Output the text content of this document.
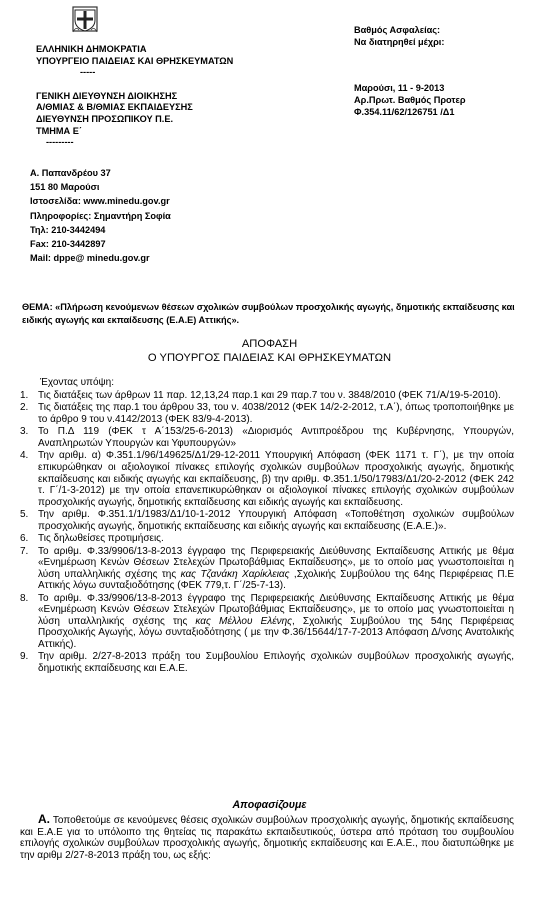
ΕΛΛΗΝΙΚΗ ΔΗΜΟΚΡΑΤΙΑ
ΥΠΟΥΡΓΕΙΟ ΠΑΙΔΕΙΑΣ ΚΑΙ ΘΡΗΣΚΕΥΜΑΤΩΝ
-----
ΓΕΝΙΚΗ ΔΙΕΥΘΥΝΣΗ ΔΙΟΙΚΗΣΗΣ
Α/ΘΜΙΑΣ & Β/ΘΜΙΑΣ ΕΚΠΑΙΔΕΥΣΗΣ
ΔΙΕΥΘΥΝΣΗ ΠΡΟΣΩΠΙΚΟΥ Π.Ε.
ΤΜΗΜΑ Ε΄
---------
Βαθμός Ασφαλείας:
Να διατηρηθεί μέχρι:
Μαρούσι, 11 - 9-2013
Αρ.Πρωτ. Βαθμός Προτερ
Φ.354.11/62/126751 /Δ1
Α. Παπανδρέου 37
151 80 Μαρούσι
Ιστοσελίδα: www.minedu.gov.gr
Πληροφορίες: Σημαντήρη Σοφία
Τηλ: 210-3442494
Fax: 210-3442897
Mail: dppe@ minedu.gov.gr
ΘΕΜΑ: «Πλήρωση κενούμενων θέσεων σχολικών συμβούλων προσχολικής αγωγής, δημοτικής εκπαίδευσης και ειδικής αγωγής και εκπαίδευσης (Ε.Α.Ε) Αττικής».
ΑΠΟΦΑΣΗ
Ο ΥΠΟΥΡΓΟΣ ΠΑΙΔΕΙΑΣ ΚΑΙ ΘΡΗΣΚΕΥΜΑΤΩΝ
Έχοντας υπόψη:
1. Τις διατάξεις των άρθρων 11 παρ. 12,13,24 παρ.1 και 29 παρ.7 του ν. 3848/2010 (ΦΕΚ 71/Α/19-5-2010).
2. Τις διατάξεις της παρ.1 του άρθρου 33, του ν. 4038/2012 (ΦΕΚ 14/2-2-2012, τ.Α΄), όπως τροποποιήθηκε με το άρθρο 9 του ν.4142/2013 (ΦΕΚ 83/9-4-2013).
3. Το Π.Δ 119 (ΦΕΚ τ Α΄153/25-6-2013) «Διορισμός Αντιπροέδρου της Κυβέρνησης, Υπουργών, Αναπληρωτών Υπουργών και Υφυπουργών»
4. Την αριθμ. α) Φ.351.1/96/149625/Δ1/29-12-2011 Υπουργική Απόφαση (ΦΕΚ 1171 τ. Γ΄), με την οποία επικυρώθηκαν οι αξιολογικοί πίνακες επιλογής σχολικών συμβούλων προσχολικής αγωγής, δημοτικής εκπαίδευσης και ειδικής αγωγής και εκπαίδευσης, β) την αριθμ. Φ.351.1/50/17983/Δ1/20-2-2012 (ΦΕΚ 242 τ. Γ΄/1-3-2012) με την οποία επανεπικυρώθηκαν οι αξιολογικοί πίνακες επιλογής σχολικών συμβούλων προσχολικής αγωγής, δημοτικής εκπαίδευσης και ειδικής αγωγής και εκπαίδευσης.
5. Την αριθμ. Φ.351.1/1/1983/Δ1/10-1-2012 Υπουργική Απόφαση «Τοποθέτηση σχολικών συμβούλων προσχολικής αγωγής, δημοτικής εκπαίδευσης και ειδικής αγωγής και εκπαίδευσης (Ε.Α.Ε.)».
6. Τις δηλωθείσες προτιμήσεις.
7. Το αριθμ. Φ.33/9906/13-8-2013 έγγραφο της Περιφερειακής Διεύθυνσης Εκπαίδευσης Αττικής με θέμα «Ενημέρωση Κενών Θέσεων Στελεχών Πρωτοβάθμιας Εκπαίδευσης», με το οποίο μας γνωστοποιείται η λύση υπαλληλικής σχέσης της κας Τζανάκη Χαρίκλειας ,Σχολικής Συμβούλου της 64ης Περιφέρειας Π.Ε Αττικής λόγω συνταξιοδότησης (ΦΕΚ 779,τ. Γ΄/25-7-13).
8. Το αριθμ. Φ.33/9906/13-8-2013 έγγραφο της Περιφερειακής Διεύθυνσης Εκπαίδευσης Αττικής με θέμα «Ενημέρωση Κενών Θέσεων Στελεχών Πρωτοβάθμιας Εκπαίδευσης», με το οποίο μας γνωστοποιείται η λύση υπαλληλικής σχέσης της κας Μέλλου Ελένης, Σχολικής Συμβούλου της 54ης Περιφέρειας Προσχολικής Αγωγής, λόγω συνταξιοδότησης ( με την Φ.36/15644/17-7-2013 Απόφαση Δ/νσης Ανατολικής Αττικής).
9. Την αριθμ. 2/27-8-2013 πράξη του Συμβουλίου Επιλογής σχολικών συμβούλων προσχολικής αγωγής, δημοτικής εκπαίδευσης και Ε.Α.Ε.
Αποφασίζουμε
Α. Τοποθετούμε σε κενούμενες θέσεις σχολικών συμβούλων προσχολικής αγωγής, δημοτικής εκπαίδευσης και Ε.Α.Ε για το υπόλοιπο της θητείας τις παρακάτω εκπαιδευτικούς, ύστερα από πρόταση του συμβουλίου επιλογής σχολικών συμβούλων προσχολικής αγωγής, δημοτικής εκπαίδευσης και Ε.Α.Ε., που διατυπώθηκε με την αριθμ 2/27-8-2013 πράξη του, ως εξής:
